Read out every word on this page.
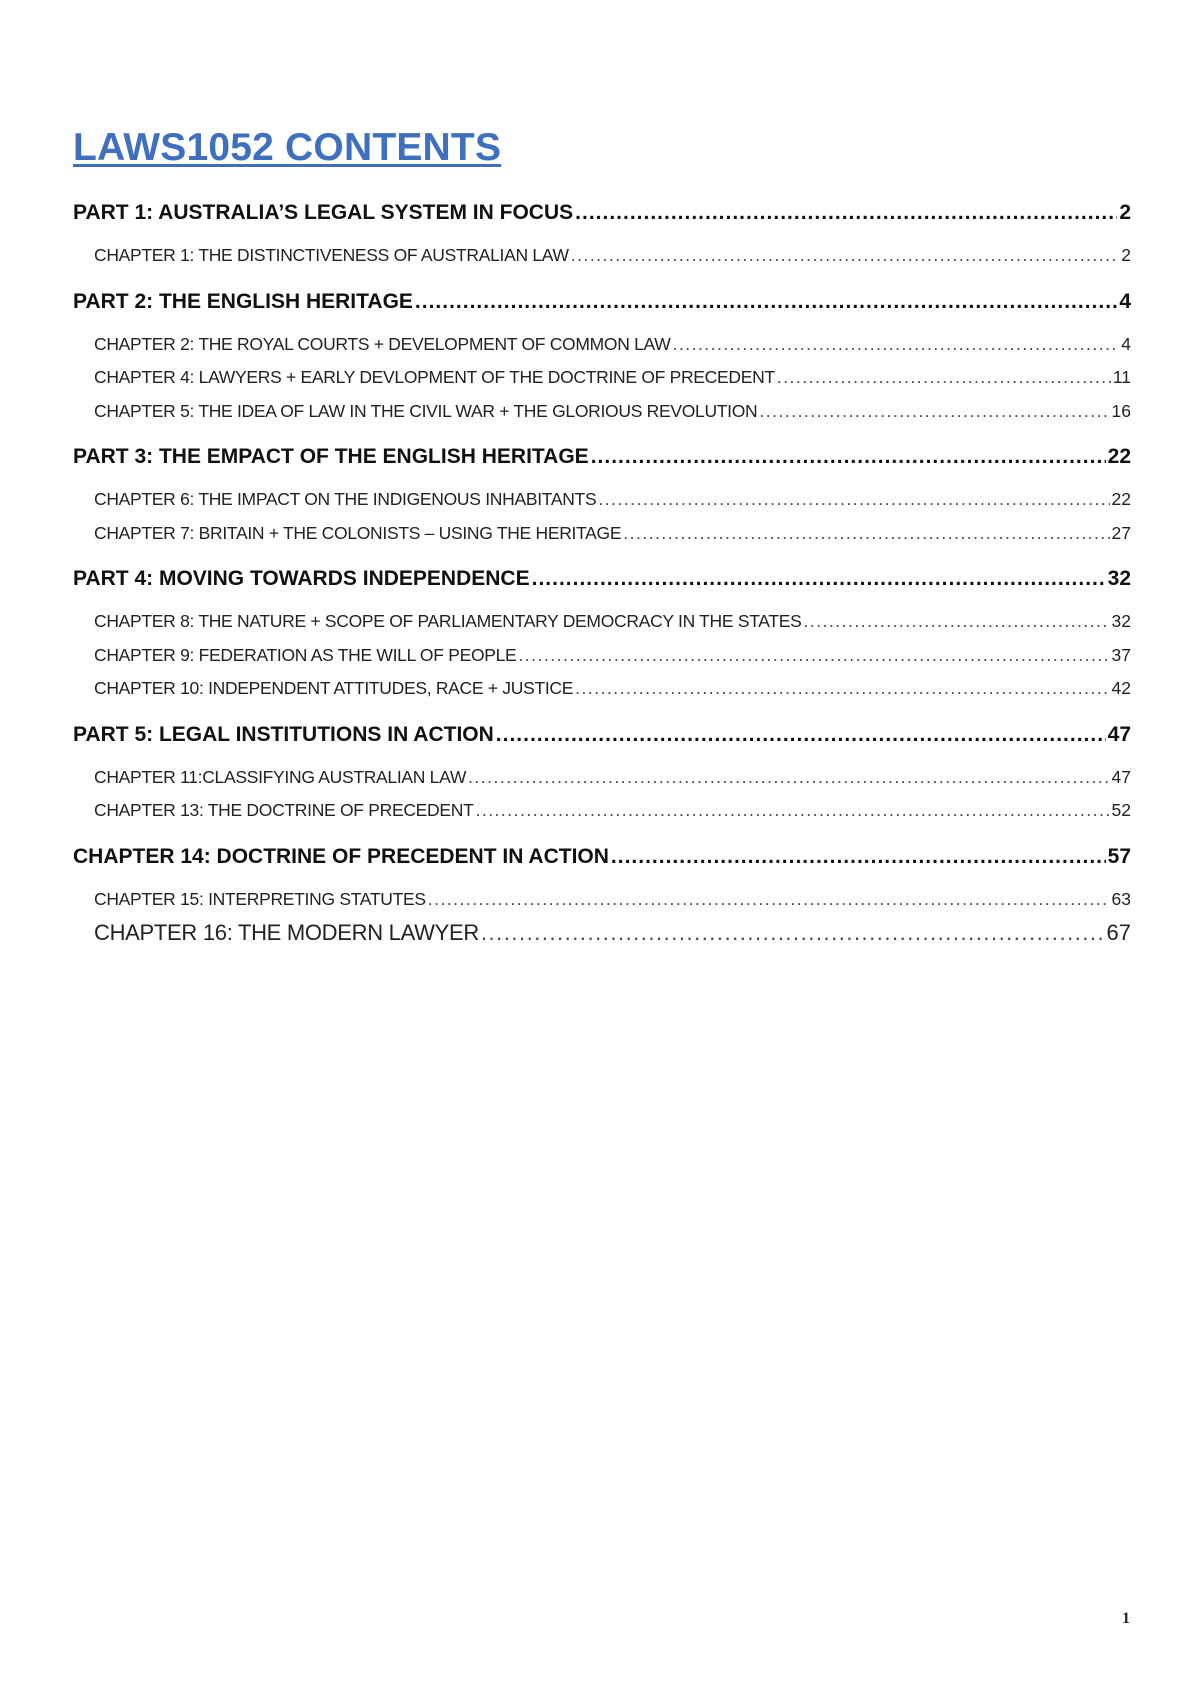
LAWS1052 CONTENTS
PART 1: AUSTRALIA’S LEGAL SYSTEM IN FOCUS .....	2
CHAPTER 1: THE DISTINCTIVENESS OF AUSTRALIAN LAW .....	2
PART 2: THE ENGLISH HERITAGE .....	4
CHAPTER 2: THE ROYAL COURTS + DEVELOPMENT OF COMMON LAW .....	4
CHAPTER 4: LAWYERS + EARLY DEVLOPMENT OF THE DOCTRINE OF PRECEDENT .....	11
CHAPTER 5: THE IDEA OF LAW IN THE CIVIL WAR + THE GLORIOUS REVOLUTION .....	16
PART 3: THE EMPACT OF THE ENGLISH HERITAGE .....	22
CHAPTER 6: THE IMPACT ON THE INDIGENOUS INHABITANTS .....	22
CHAPTER 7: BRITAIN + THE COLONISTS – USING THE HERITAGE .....	27
PART 4: MOVING TOWARDS INDEPENDENCE .....	32
CHAPTER 8: THE NATURE + SCOPE OF PARLIAMENTARY DEMOCRACY IN THE STATES .....	32
CHAPTER 9: FEDERATION AS THE WILL OF PEOPLE .....	37
CHAPTER 10: INDEPENDENT ATTITUDES, RACE + JUSTICE .....	42
PART 5: LEGAL INSTITUTIONS IN ACTION .....	47
CHAPTER 11:CLASSIFYING AUSTRALIAN LAW .....	47
CHAPTER 13: THE DOCTRINE OF PRECEDENT .....	52
CHAPTER 14: DOCTRINE OF PRECEDENT IN ACTION .....	57
CHAPTER 15: INTERPRETING STATUTES .....	63
CHAPTER 16: THE MODERN LAWYER .....	67
1
